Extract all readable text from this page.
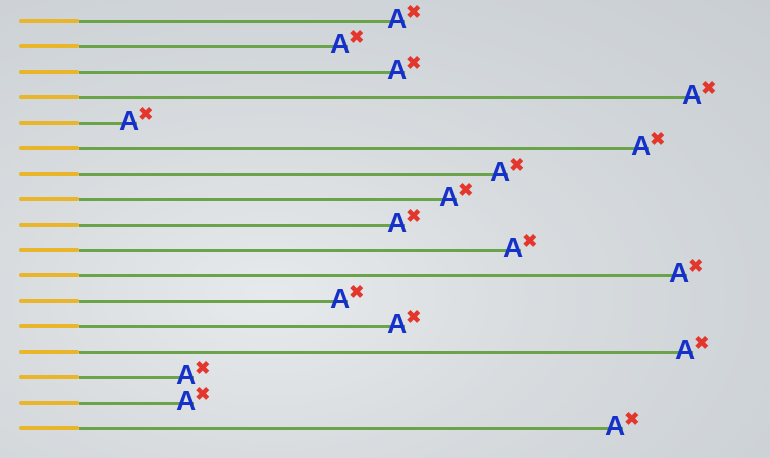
A✖
A✖
A✖
A✖
A✖
A✖
A✖
A✖
A✖
A✖
A✖
A✖
A✖
A✖
A✖
A✖
A✖
